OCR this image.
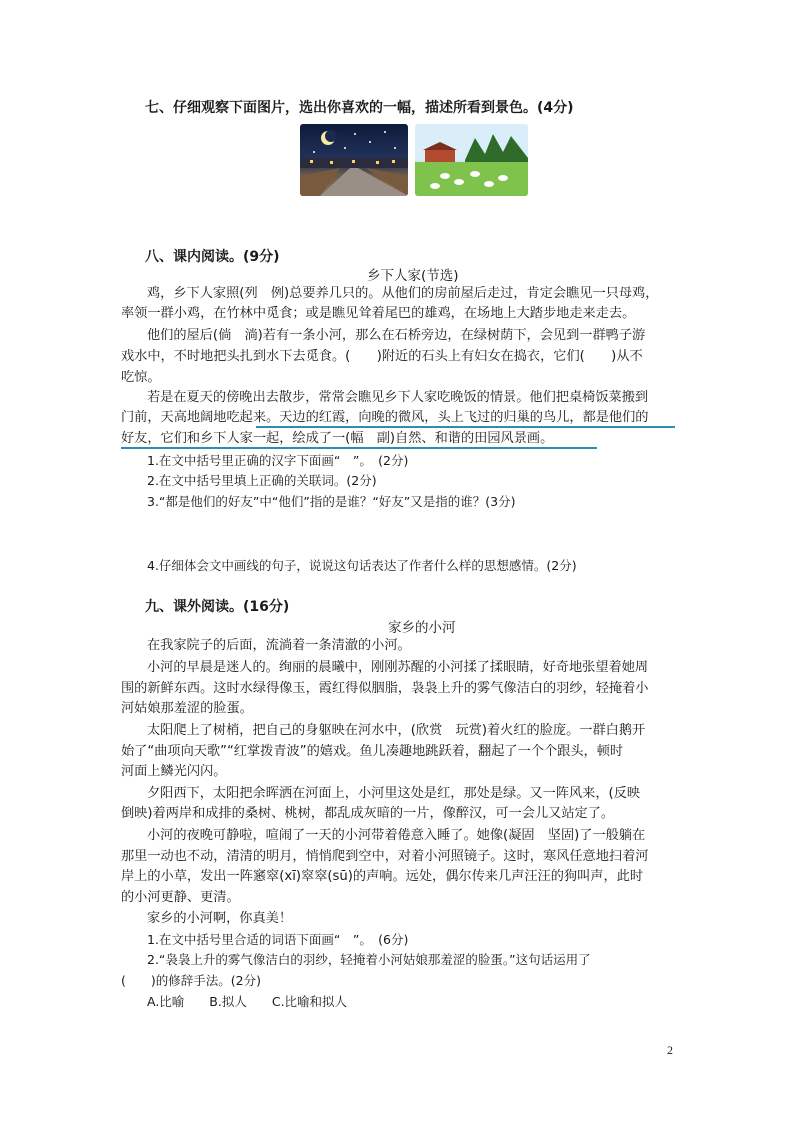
七、仔细观察下面图片，选出你喜欢的一幅，描述所看到景色。(4分)
八、课内阅读。(9分)
乡下人家(节选)
鸡，乡下人家照(列　例)总要养几只的。从他们的房前屋后走过，肯定会瞧见一只母鸡，
率领一群小鸡，在竹林中觅食；或是瞧见耸着尾巴的雄鸡，在场地上大踏步地走来走去。
他们的屋后(倘　淌)若有一条小河，那么在石桥旁边，在绿树荫下，会见到一群鸭子游
戏水中，不时地把头扎到水下去觅食。(　　)附近的石头上有妇女在捣衣，它们(　　)从不
吃惊。
若是在夏天的傍晚出去散步，常常会瞧见乡下人家吃晚饭的情景。他们把桌椅饭菜搬到
门前，天高地阔地吃起来。天边的红霞，向晚的微风，头上飞过的归巢的鸟儿，都是他们的
好友，它们和乡下人家一起，绘成了一(幅　副)自然、和谐的田园风景画。
1.在文中括号里正确的汉字下面画“　”。　(2分)
2.在文中括号里填上正确的关联词。(2分)
3.“都是他们的好友”中“他们”指的是谁？“好友”又是指的谁？(3分)
4.仔细体会文中画线的句子，说说这句话表达了作者什么样的思想感情。(2分)
九、课外阅读。(16分)
家乡的小河
在我家院子的后面，流淌着一条清澈的小河。
小河的早晨是迷人的。绚丽的晨曦中，刚刚苏醒的小河揉了揉眼睛，好奇地张望着她周
围的新鲜东西。这时水绿得像玉，霞红得似胭脂，袅袅上升的雾气像洁白的羽纱，轻掩着小
河姑娘那羞涩的脸蛋。
太阳爬上了树梢，把自己的身躯映在河水中，(欣赏　玩赏)着火红的脸庞。一群白鹅开
始了“曲项向天歌”“红掌拨青波”的嬉戏。鱼儿凑趣地跳跃着，翻起了一个个跟头，顿时
河面上鳞光闪闪。
夕阳西下，太阳把余晖洒在河面上，小河里这处是红，那处是绿。又一阵风来，(反映
倒映)着两岸和成排的桑树、桃树，都乱成灰暗的一片，像醉汉，可一会儿又站定了。
小河的夜晚可静啦，喧闹了一天的小河带着倦意入睡了。她像(凝固　坚固)了一般躺在
那里一动也不动，清清的明月，悄悄爬到空中，对着小河照镜子。这时，寒风任意地扫着河
岸上的小草，发出一阵窸窣(xī)窣窣(sū)的声响。远处，偶尔传来几声汪汪的狗叫声，此时
的小河更静、更清。
家乡的小河啊，你真美！
1.在文中括号里合适的词语下面画“　”。　(6分)
2.“袅袅上升的雾气像洁白的羽纱，轻掩着小河姑娘那羞涩的脸蛋。”这句话运用了
(　　)的修辞手法。(2分)
A.比喻　　B.拟人　　C.比喻和拟人
2
